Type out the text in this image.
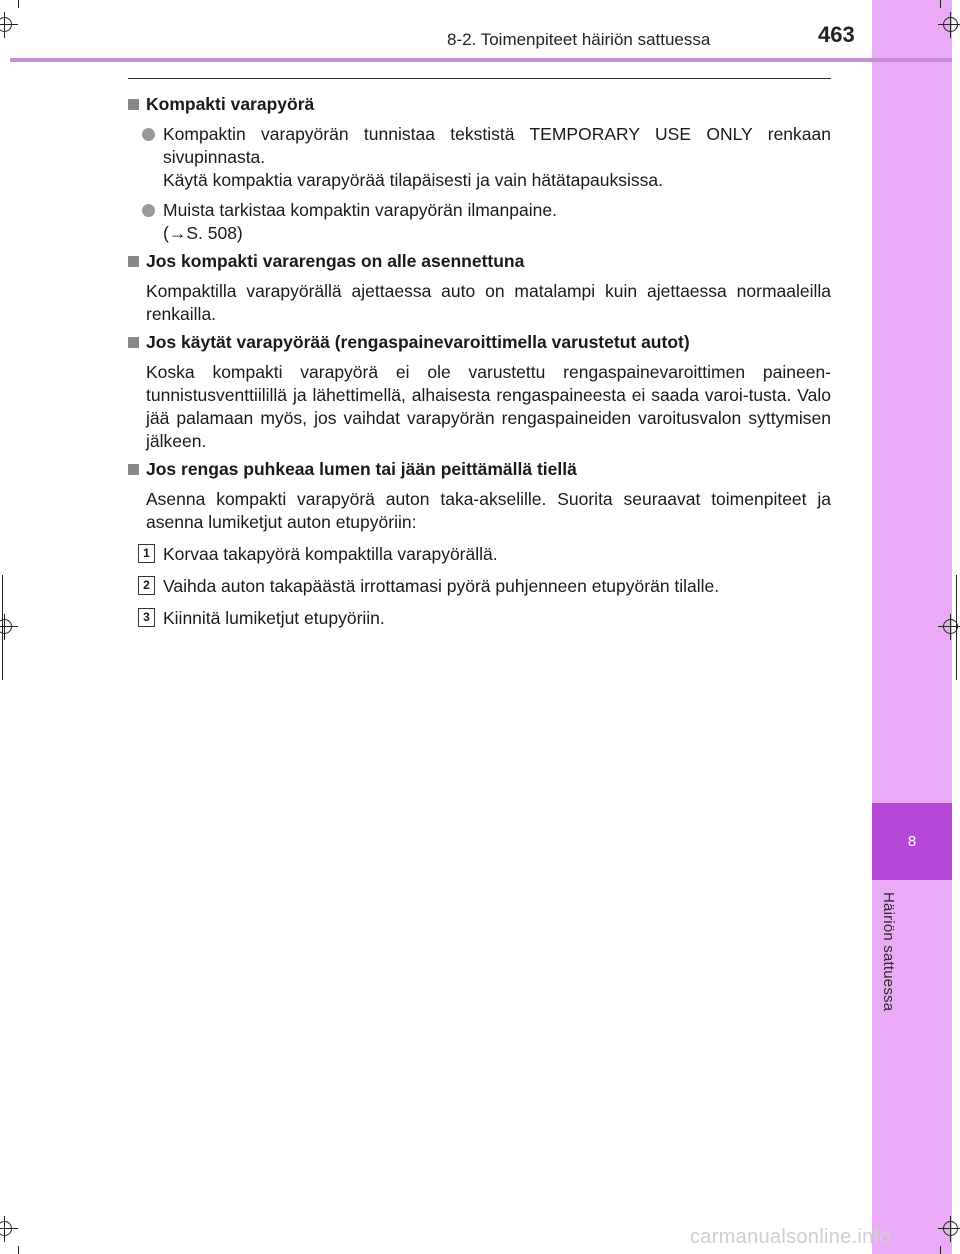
8
Häiriön sattuessa
8-2. Toimenpiteet häiriön sattuessa	463
Kompakti varapyörä
Kompaktin varapyörän tunnistaa tekstistä TEMPORARY USE ONLY renkaan sivupinnasta.
Käytä kompaktia varapyörää tilapäisesti ja vain hätätapauksissa.
Muista tarkistaa kompaktin varapyörän ilmanpaine.
(→S. 508)
Jos kompakti vararengas on alle asennettuna
Kompaktilla varapyörällä ajettaessa auto on matalampi kuin ajettaessa normaaleilla renkailla.
Jos käytät varapyörää (rengaspainevaroittimella varustetut autot)
Koska kompakti varapyörä ei ole varustettu rengaspainevaroittimen paineen-tunnistusventtiilillä ja lähettimellä, alhaisesta rengaspaineesta ei saada varoi-tusta. Valo jää palamaan myös, jos vaihdat varapyörän rengaspaineiden varoitusvalon syttymisen jälkeen.
Jos rengas puhkeaa lumen tai jään peittämällä tiellä
Asenna kompakti varapyörä auton taka-akselille. Suorita seuraavat toimenpiteet ja asenna lumiketjut auton etupyöriin:
1 Korvaa takapyörä kompaktilla varapyörällä.
2 Vaihda auton takapäästä irrottamasi pyörä puhjenneen etupyörän tilalle.
3 Kiinnitä lumiketjut etupyöriin.
carmanualsonline.info
